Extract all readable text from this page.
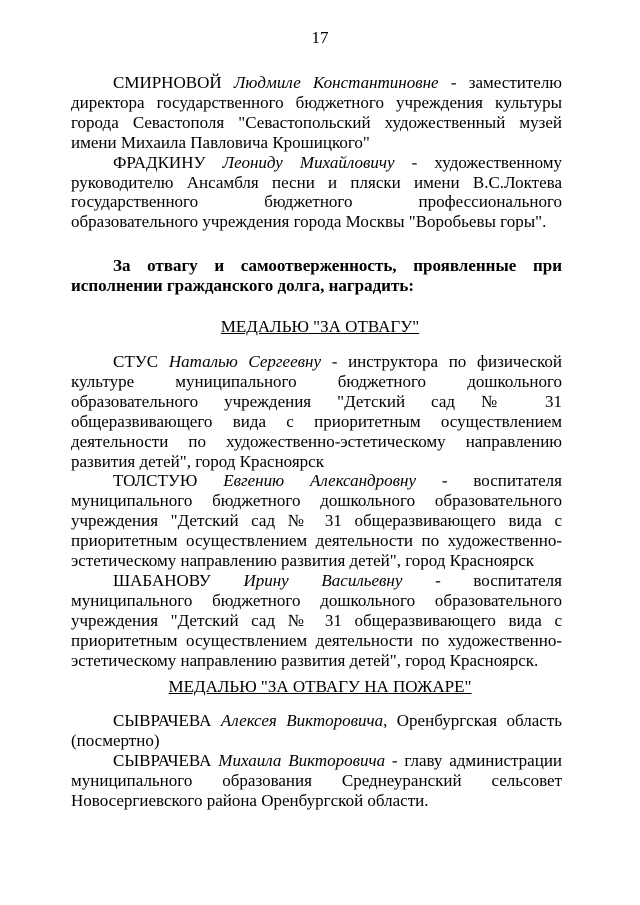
17

СМИРНОВОЙ Людмиле Константиновне - заместителю директора государственного бюджетного учреждения культуры города Севастополя "Севастопольский художественный музей имени Михаила Павловича Крошицкого"

ФРАДКИНУ Леониду Михайловичу - художественному руководителю Ансамбля песни и пляски имени В.С.Локтева государственного бюджетного профессионального образовательного учреждения города Москвы "Воробьевы горы".

За отвагу и самоотверженность, проявленные при исполнении гражданского долга, наградить:

МЕДАЛЬЮ "ЗА ОТВАГУ"

СТУС Наталью Сергеевну - инструктора по физической культуре муниципального бюджетного дошкольного образовательного учреждения "Детский сад № 31 общеразвивающего вида с приоритетным осуществлением деятельности по художественно-эстетическому направлению развития детей", город Красноярск

ТОЛСТУЮ Евгению Александровну - воспитателя муниципального бюджетного дошкольного образовательного учреждения "Детский сад № 31 общеразвивающего вида с приоритетным осуществлением деятельности по художественно-эстетическому направлению развития детей", город Красноярск

ШАБАНОВУ Ирину Васильевну - воспитателя муниципального бюджетного дошкольного образовательного учреждения "Детский сад № 31 общеразвивающего вида с приоритетным осуществлением деятельности по художественно-эстетическому направлению развития детей", город Красноярск.

МЕДАЛЬЮ "ЗА ОТВАГУ НА ПОЖАРЕ"

СЫВРАЧЕВА Алексея Викторовича, Оренбургская область (посмертно)

СЫВРАЧЕВА Михаила Викторовича - главу администрации муниципального образования Среднеуранский сельсовет Новосергиевского района Оренбургской области.
